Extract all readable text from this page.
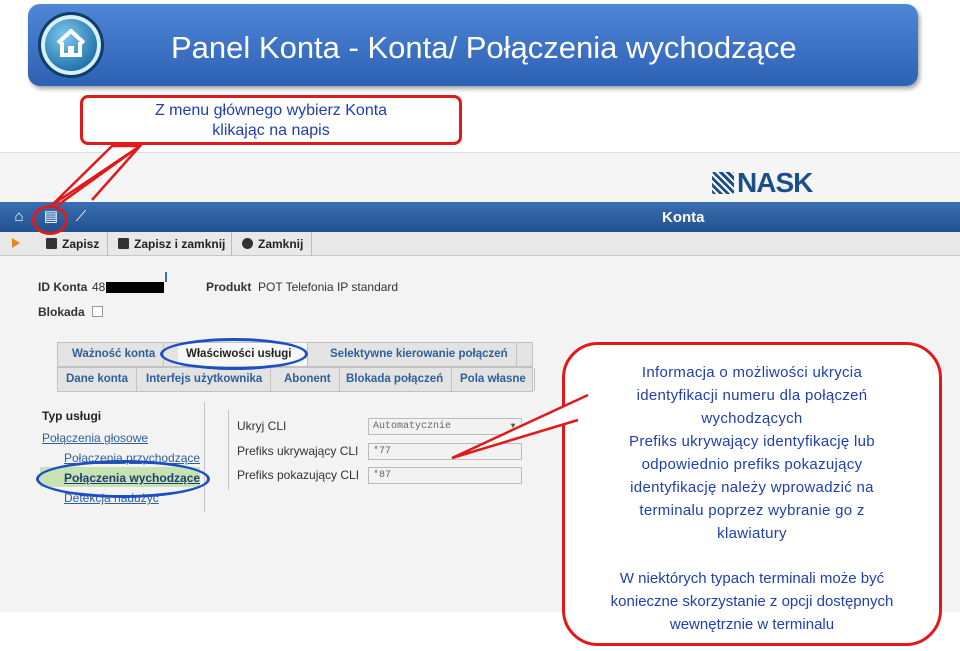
Panel Konta - Konta/ Połączenia wychodzące
Z menu głównego wybierz Konta
klikając na napis
NASK
⌂ ▤ ⟋	Konta
Zapisz	Zapisz i zamknij	Zamknij
ID Konta 48	Produkt POT Telefonia IP standard
Blokada
Ważność konta	Właściwości usługi	Selektywne kierowanie połączeń
Dane konta	Interfejs użytkownika	Abonent	Blokada połączeń	Pola własne
Typ usługi
Połączenia głosowe
Połączenia przychodzące
Połączenia wychodzące
Detekcja nadużyć
Ukryj CLI	Automatycznie	▼
Prefiks ukrywający CLI	*77
Prefiks pokazujący CLI	*87
Informacja o możliwości ukrycia
identyfikacji numeru dla połączeń
wychodzących
Prefiks ukrywający identyfikację lub
odpowiednio prefiks pokazujący
identyfikację należy wprowadzić na
terminalu poprzez wybranie go z
klawiatury
W niektórych typach terminali może być
konieczne skorzystanie z opcji dostępnych
wewnętrznie w terminalu
